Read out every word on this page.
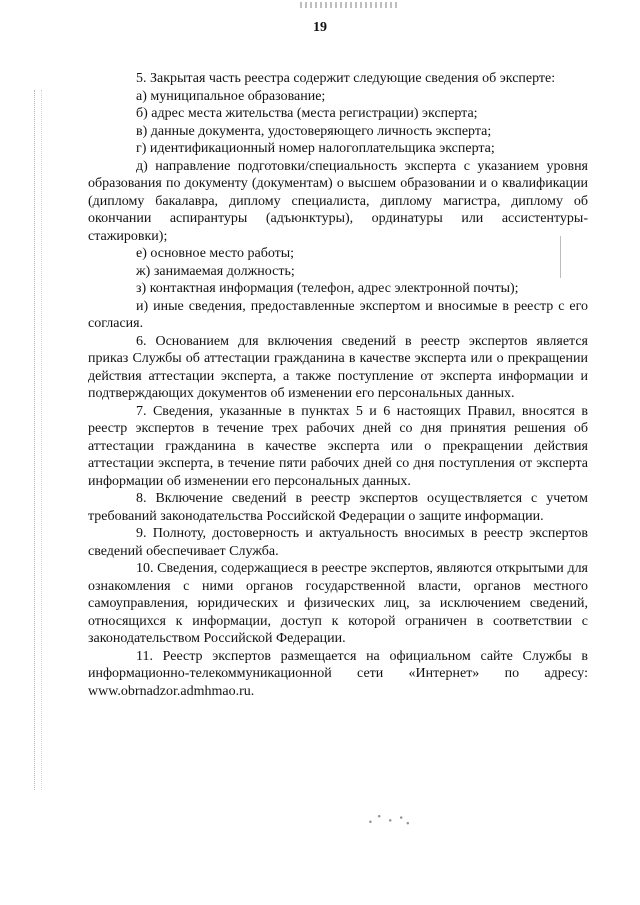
19

5. Закрытая часть реестра содержит следующие сведения об эксперте:

а) муниципальное образование;

б) адрес места жительства (места регистрации) эксперта;

в) данные документа, удостоверяющего личность эксперта;

г) идентификационный номер налогоплательщика эксперта;

д) направление подготовки/специальность эксперта с указанием уровня образования по документу (документам) о высшем образовании и о квалификации (диплому бакалавра, диплому специалиста, диплому магистра, диплому об окончании аспирантуры (адъюнктуры), ординатуры или ассистентуры-стажировки);

е) основное место работы;

ж) занимаемая должность;

з) контактная информация (телефон, адрес электронной почты);

и) иные сведения, предоставленные экспертом и вносимые в реестр с его согласия.

6. Основанием для включения сведений в реестр экспертов является приказ Службы об аттестации гражданина в качестве эксперта или о прекращении действия аттестации эксперта, а также поступление от эксперта информации и подтверждающих документов об изменении его персональных данных.

7. Сведения, указанные в пунктах 5 и 6 настоящих Правил, вносятся в реестр экспертов в течение трех рабочих дней со дня принятия решения об аттестации гражданина в качестве эксперта или о прекращении действия аттестации эксперта, в течение пяти рабочих дней со дня поступления от эксперта информации об изменении его персональных данных.

8. Включение сведений в реестр экспертов осуществляется с учетом требований законодательства Российской Федерации о защите информации.

9. Полноту, достоверность и актуальность вносимых в реестр экспертов сведений обеспечивает Служба.

10. Сведения, содержащиеся в реестре экспертов, являются открытыми для ознакомления с ними органов государственной власти, органов местного самоуправления, юридических и физических лиц, за исключением сведений, относящихся к информации, доступ к которой ограничен в соответствии с законодательством Российской Федерации.

11. Реестр экспертов размещается на официальном сайте Службы в информационно-телекоммуникационной сети «Интернет» по адресу: www.obrnadzor.admhmao.ru.
